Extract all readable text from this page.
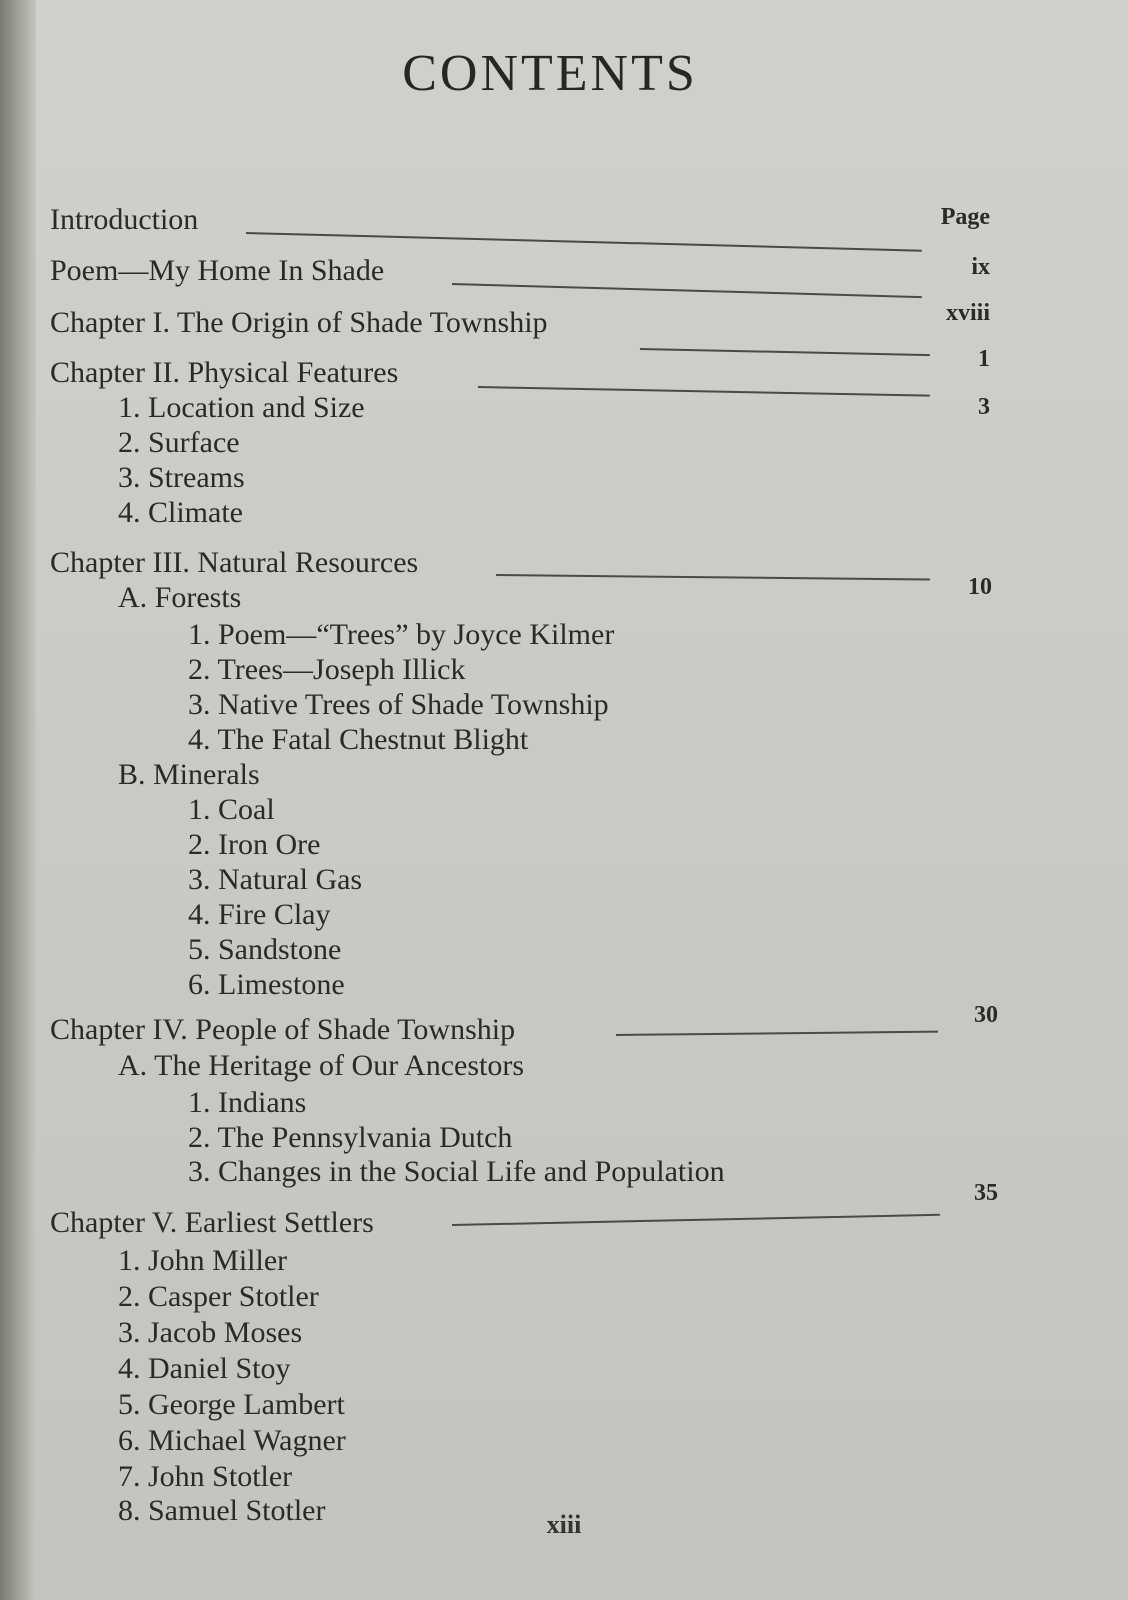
CONTENTS
Page
Introduction
ix
Poem—My Home In Shade
xviii
Chapter I. The Origin of Shade Township
1
Chapter II. Physical Features
3
1. Location and Size
2. Surface
3. Streams
4. Climate
Chapter III. Natural Resources
10
A. Forests
1. Poem—“Trees” by Joyce Kilmer
2. Trees—Joseph Illick
3. Native Trees of Shade Township
4. The Fatal Chestnut Blight
B. Minerals
1. Coal
2. Iron Ore
3. Natural Gas
4. Fire Clay
5. Sandstone
6. Limestone
Chapter IV. People of Shade Township	30
A. The Heritage of Our Ancestors
1. Indians
2. The Pennsylvania Dutch
3. Changes in the Social Life and Population
Chapter V. Earliest Settlers
35
1. John Miller
2. Casper Stotler
3. Jacob Moses
4. Daniel Stoy
5. George Lambert
6. Michael Wagner
7. John Stotler
8. Samuel Stotler	xiii
